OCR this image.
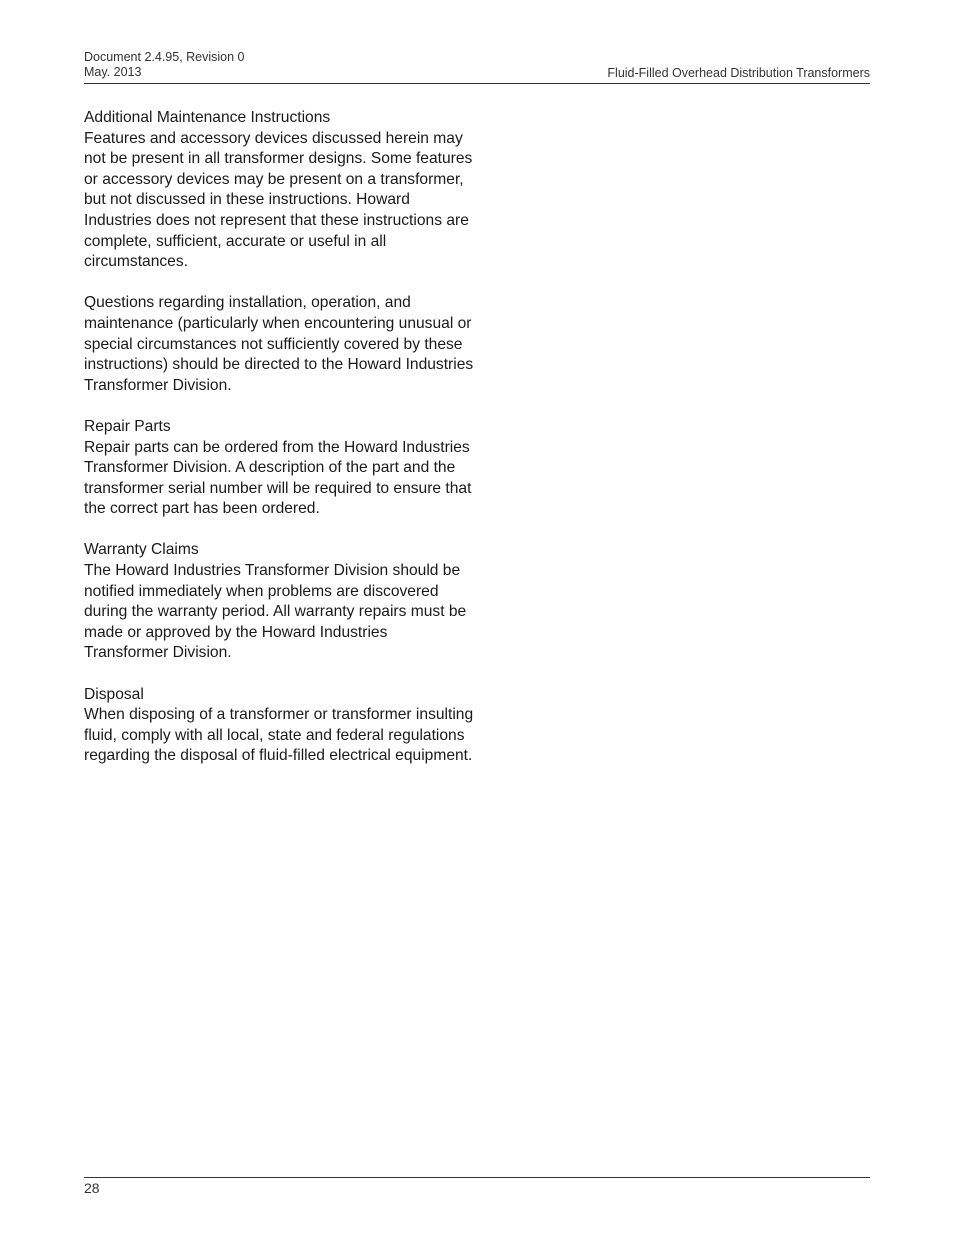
Document 2.4.95, Revision 0
May. 2013	Fluid-Filled Overhead Distribution Transformers
Additional Maintenance Instructions

Features and accessory devices discussed herein may not be present in all transformer designs. Some features or accessory devices may be present on a transformer, but not discussed in these instructions. Howard Industries does not represent that these instructions are complete, sufficient, accurate or useful in all circumstances.

Questions regarding installation, operation, and maintenance (particularly when encountering unusual or special circumstances not sufficiently covered by these instructions) should be directed to the Howard Industries Transformer Division.

Repair Parts

Repair parts can be ordered from the Howard Industries Transformer Division. A description of the part and the transformer serial number will be required to ensure that the correct part has been ordered.

Warranty Claims

The Howard Industries Transformer Division should be notified immediately when problems are discovered during the warranty period. All warranty repairs must be made or approved by the Howard Industries Transformer Division.

Disposal

When disposing of a transformer or transformer insulting fluid, comply with all local, state and federal regulations regarding the disposal of fluid-filled electrical equipment.

28
